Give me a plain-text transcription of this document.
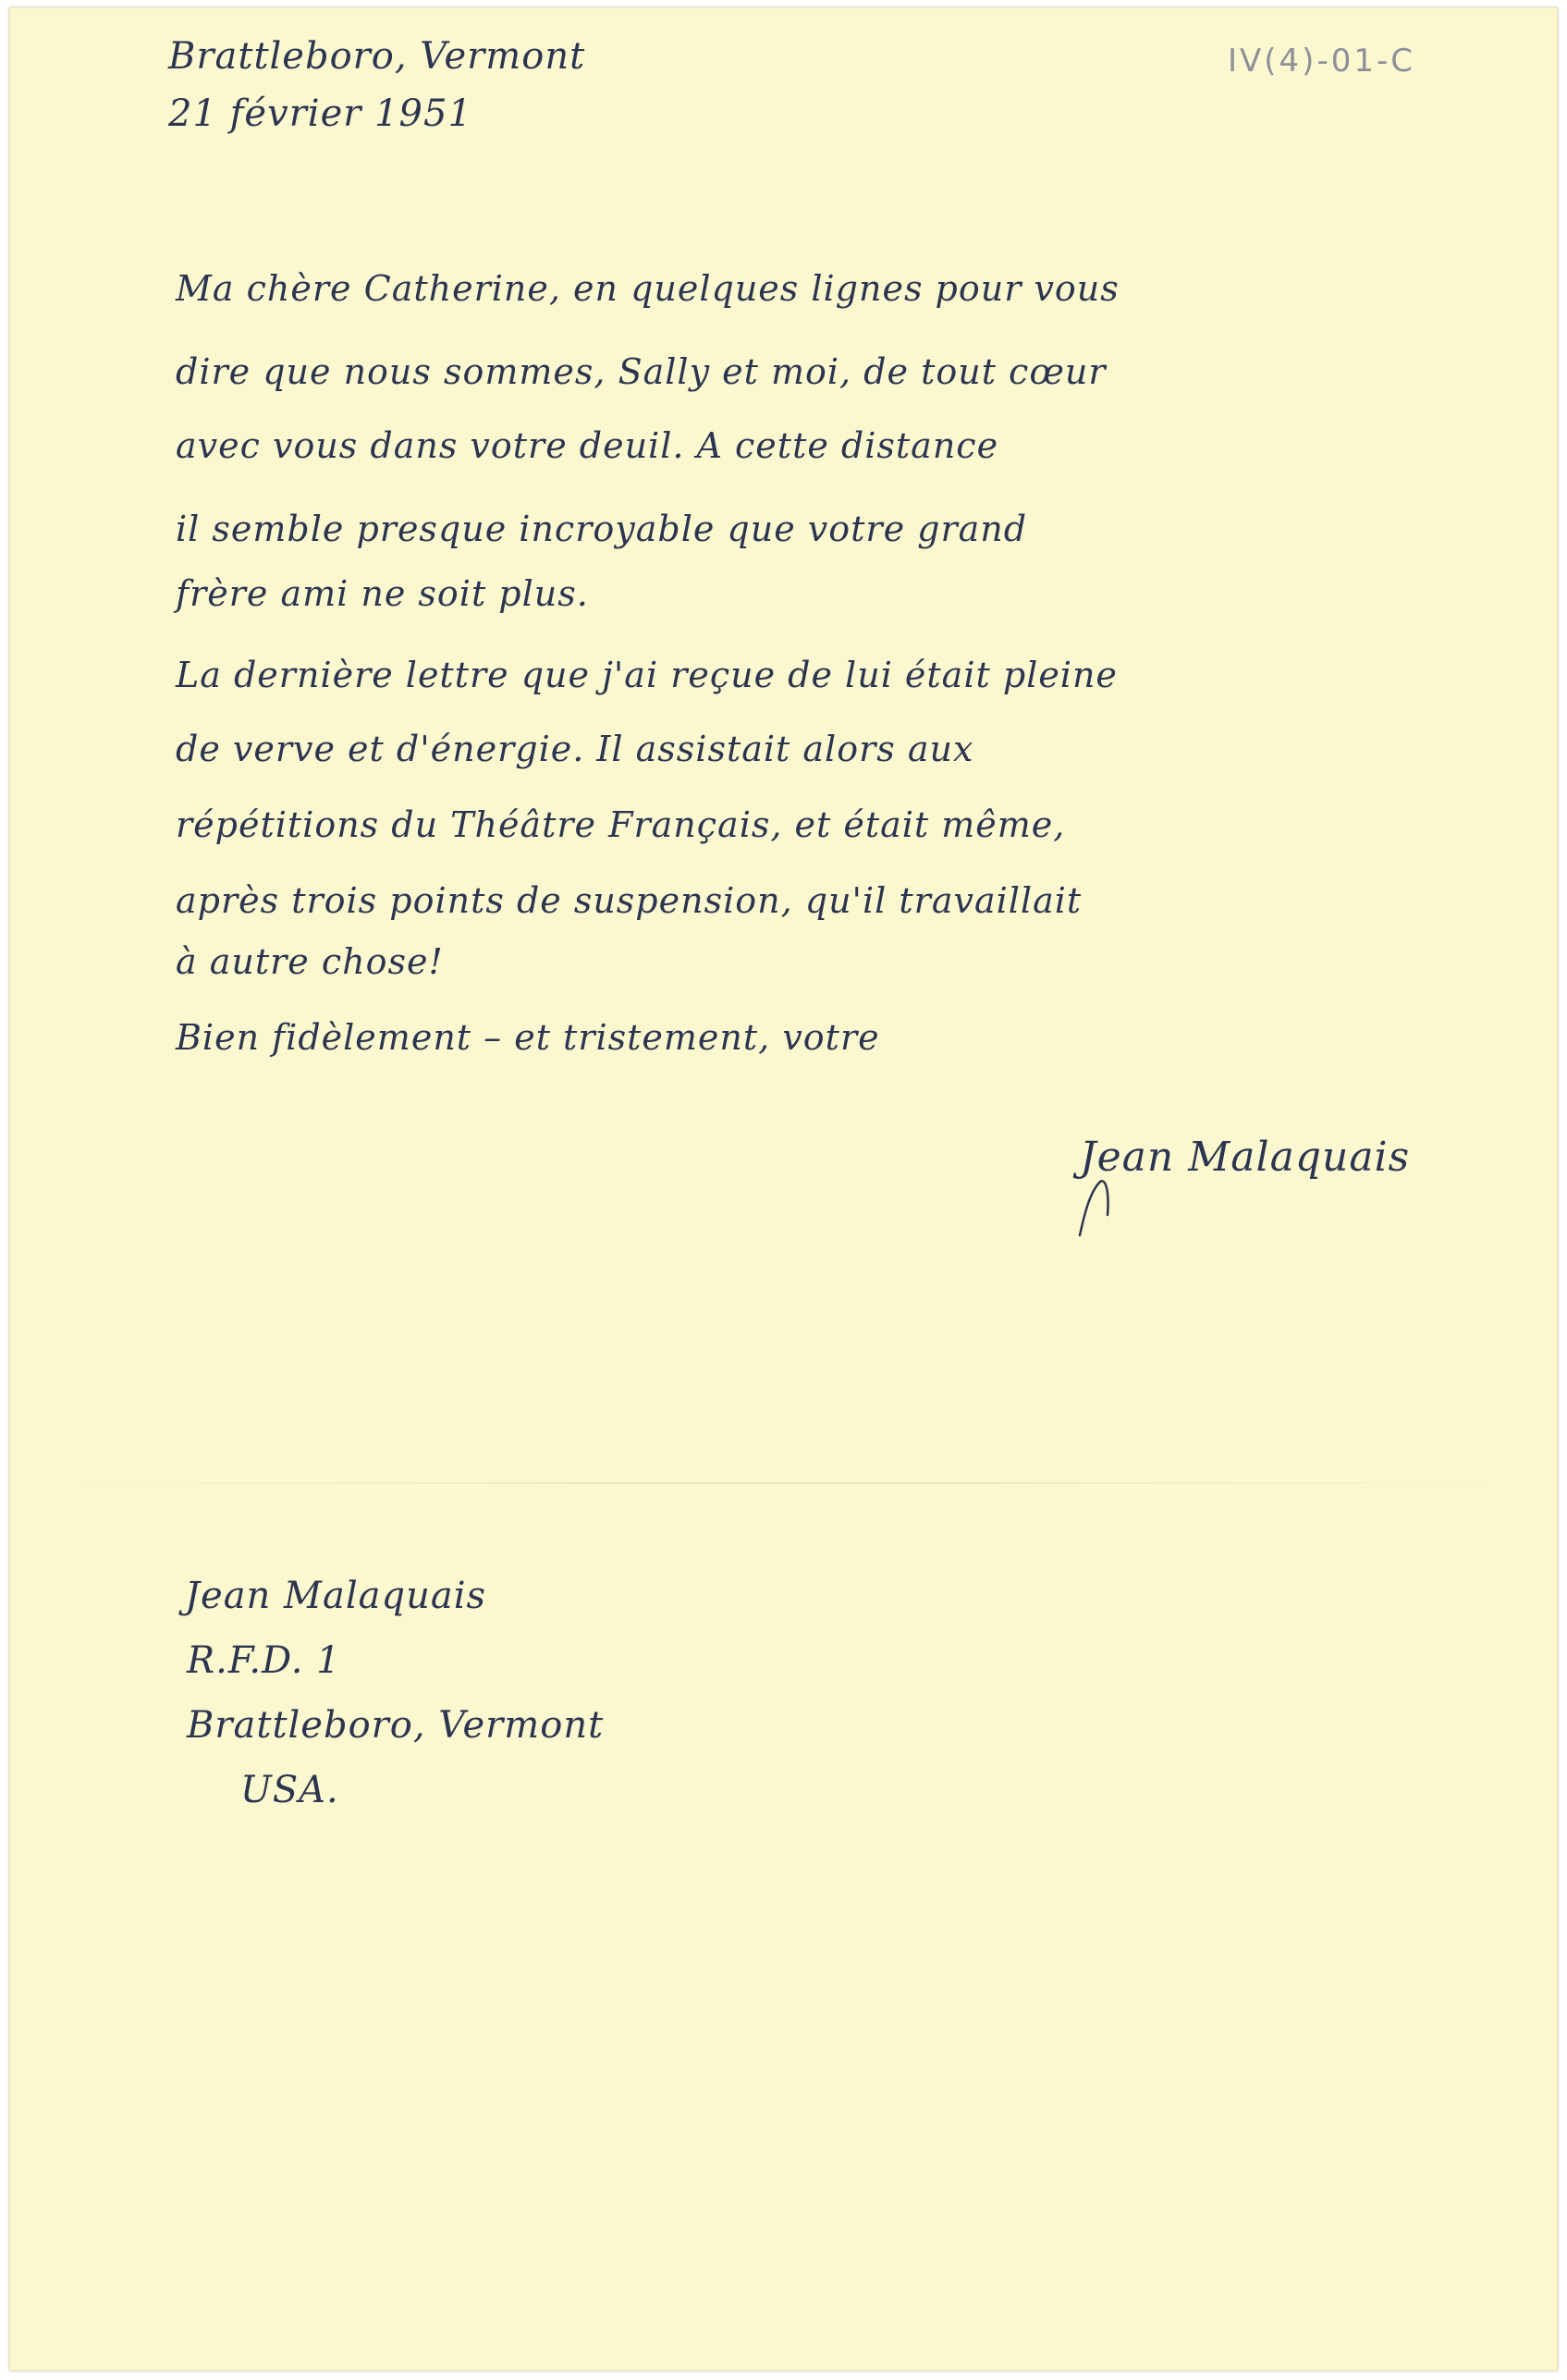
IV(4)-01-C
Brattleboro, Vermont
21 février 1951
Ma chère Catherine, en quelques lignes pour vous
dire que nous sommes, Sally et moi, de tout cœur
avec vous dans votre deuil. A cette distance
il semble presque incroyable que votre grand
frère ami ne soit plus.
La dernière lettre que j'ai reçue de lui était pleine
de verve et d'énergie. Il assistait alors aux
répétitions du Théâtre Français, et était même,
après trois points de suspension, qu'il travaillait
à autre chose!
Bien fidèlement – et tristement, votre
Jean Malaquais
Jean Malaquais
R.F.D. 1
Brattleboro, Vermont
USA.
